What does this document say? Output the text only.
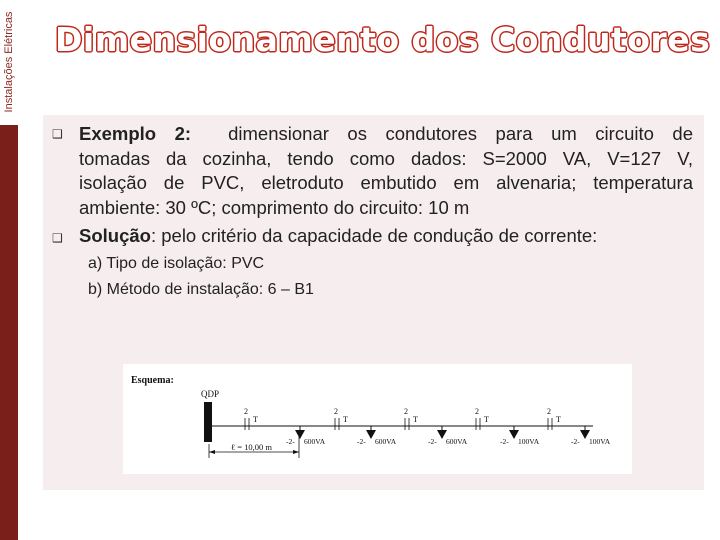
Instalações Elétricas Dimensionamento dos Condutores
❑ Exemplo 2: dimensionar os condutores para um circuito de
tomadas da cozinha, tendo como dados: S=2000 VA, V=127 V,
isolação de PVC, eletroduto embutido em alvenaria; temperatura
ambiente: 30 ºC; comprimento do circuito: 10 m
❑ Solução: pelo critério da capacidade de condução de corrente:
a) Tipo de isolação: PVC
b) Método de instalação: 6 – B1
Esquema:
QDP
ℓ = 10,00 m
2
T
2
T
2
T
2
T
2
T
-2- 600VA	-2- 600VA	-2- 600VA	-2- 100VA	-2- 100VA
